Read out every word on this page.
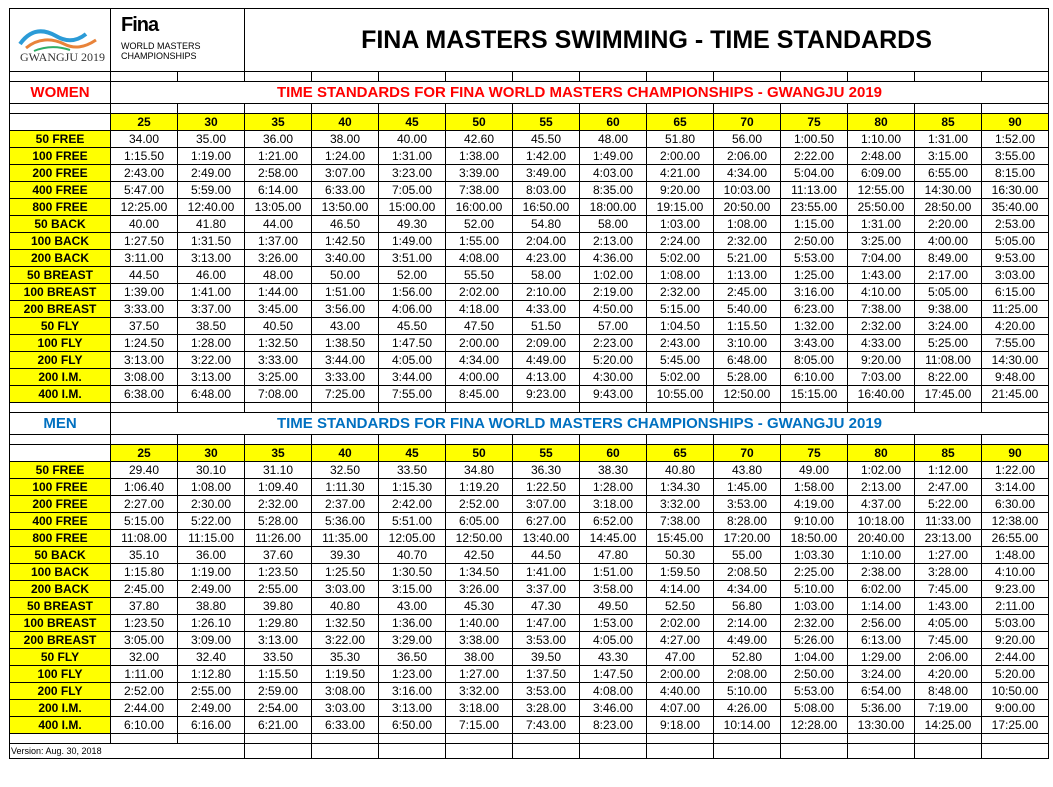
GWANGJU 2019	Fina
WORLD MASTERS
CHAMPIONSHIPS		FINA MASTERS SWIMMING - TIME STANDARDS											

WOMEN	TIME STANDARDS FOR FINA WORLD MASTERS CHAMPIONSHIPS - GWANGJU 2019													

	25	30	35	40	45	50	55	60	65	70	75	80	85	90
50 FREE	34.00	35.00	36.00	38.00	40.00	42.60	45.50	48.00	51.80	56.00	1:00.50	1:10.00	1:31.00	1:52.00
100 FREE	1:15.50	1:19.00	1:21.00	1:24.00	1:31.00	1:38.00	1:42.00	1:49.00	2:00.00	2:06.00	2:22.00	2:48.00	3:15.00	3:55.00
200 FREE	2:43.00	2:49.00	2:58.00	3:07.00	3:23.00	3:39.00	3:49.00	4:03.00	4:21.00	4:34.00	5:04.00	6:09.00	6:55.00	8:15.00
400 FREE	5:47.00	5:59.00	6:14.00	6:33.00	7:05.00	7:38.00	8:03.00	8:35.00	9:20.00	10:03.00	11:13.00	12:55.00	14:30.00	16:30.00
800 FREE	12:25.00	12:40.00	13:05.00	13:50.00	15:00.00	16:00.00	16:50.00	18:00.00	19:15.00	20:50.00	23:55.00	25:50.00	28:50.00	35:40.00
50 BACK	40.00	41.80	44.00	46.50	49.30	52.00	54.80	58.00	1:03.00	1:08.00	1:15.00	1:31.00	2:20.00	2:53.00
100 BACK	1:27.50	1:31.50	1:37.00	1:42.50	1:49.00	1:55.00	2:04.00	2:13.00	2:24.00	2:32.00	2:50.00	3:25.00	4:00.00	5:05.00
200 BACK	3:11.00	3:13.00	3:26.00	3:40.00	3:51.00	4:08.00	4:23.00	4:36.00	5:02.00	5:21.00	5:53.00	7:04.00	8:49.00	9:53.00
50 BREAST	44.50	46.00	48.00	50.00	52.00	55.50	58.00	1:02.00	1:08.00	1:13.00	1:25.00	1:43.00	2:17.00	3:03.00
100 BREAST	1:39.00	1:41.00	1:44.00	1:51.00	1:56.00	2:02.00	2:10.00	2:19.00	2:32.00	2:45.00	3:16.00	4:10.00	5:05.00	6:15.00
200 BREAST	3:33.00	3:37.00	3:45.00	3:56.00	4:06.00	4:18.00	4:33.00	4:50.00	5:15.00	5:40.00	6:23.00	7:38.00	9:38.00	11:25.00
50 FLY	37.50	38.50	40.50	43.00	45.50	47.50	51.50	57.00	1:04.50	1:15.50	1:32.00	2:32.00	3:24.00	4:20.00
100 FLY	1:24.50	1:28.00	1:32.50	1:38.50	1:47.50	2:00.00	2:09.00	2:23.00	2:43.00	3:10.00	3:43.00	4:33.00	5:25.00	7:55.00
200 FLY	3:13.00	3:22.00	3:33.00	3:44.00	4:05.00	4:34.00	4:49.00	5:20.00	5:45.00	6:48.00	8:05.00	9:20.00	11:08.00	14:30.00
200 I.M.	3:08.00	3:13.00	3:25.00	3:33.00	3:44.00	4:00.00	4:13.00	4:30.00	5:02.00	5:28.00	6:10.00	7:03.00	8:22.00	9:48.00
400 I.M.	6:38.00	6:48.00	7:08.00	7:25.00	7:55.00	8:45.00	9:23.00	9:43.00	10:55.00	12:50.00	15:15.00	16:40.00	17:45.00	21:45.00

MEN	TIME STANDARDS FOR FINA WORLD MASTERS CHAMPIONSHIPS - GWANGJU 2019													

	25	30	35	40	45	50	55	60	65	70	75	80	85	90
50 FREE	29.40	30.10	31.10	32.50	33.50	34.80	36.30	38.30	40.80	43.80	49.00	1:02.00	1:12.00	1:22.00
100 FREE	1:06.40	1:08.00	1:09.40	1:11.30	1:15.30	1:19.20	1:22.50	1:28.00	1:34.30	1:45.00	1:58.00	2:13.00	2:47.00	3:14.00
200 FREE	2:27.00	2:30.00	2:32.00	2:37.00	2:42.00	2:52.00	3:07.00	3:18.00	3:32.00	3:53.00	4:19.00	4:37.00	5:22.00	6:30.00
400 FREE	5:15.00	5:22.00	5:28.00	5:36.00	5:51.00	6:05.00	6:27.00	6:52.00	7:38.00	8:28.00	9:10.00	10:18.00	11:33.00	12:38.00
800 FREE	11:08.00	11:15.00	11:26.00	11:35.00	12:05.00	12:50.00	13:40.00	14:45.00	15:45.00	17:20.00	18:50.00	20:40.00	23:13.00	26:55.00
50 BACK	35.10	36.00	37.60	39.30	40.70	42.50	44.50	47.80	50.30	55.00	1:03.30	1:10.00	1:27.00	1:48.00
100 BACK	1:15.80	1:19.00	1:23.50	1:25.50	1:30.50	1:34.50	1:41.00	1:51.00	1:59.50	2:08.50	2:25.00	2:38.00	3:28.00	4:10.00
200 BACK	2:45.00	2:49.00	2:55.00	3:03.00	3:15.00	3:26.00	3:37.00	3:58.00	4:14.00	4:34.00	5:10.00	6:02.00	7:45.00	9:23.00
50 BREAST	37.80	38.80	39.80	40.80	43.00	45.30	47.30	49.50	52.50	56.80	1:03.00	1:14.00	1:43.00	2:11.00
100 BREAST	1:23.50	1:26.10	1:29.80	1:32.50	1:36.00	1:40.00	1:47.00	1:53.00	2:02.00	2:14.00	2:32.00	2:56.00	4:05.00	5:03.00
200 BREAST	3:05.00	3:09.00	3:13.00	3:22.00	3:29.00	3:38.00	3:53.00	4:05.00	4:27.00	4:49.00	5:26.00	6:13.00	7:45.00	9:20.00
50 FLY	32.00	32.40	33.50	35.30	36.50	38.00	39.50	43.30	47.00	52.80	1:04.00	1:29.00	2:06.00	2:44.00
100 FLY	1:11.00	1:12.80	1:15.50	1:19.50	1:23.00	1:27.00	1:37.50	1:47.50	2:00.00	2:08.00	2:50.00	3:24.00	4:20.00	5:20.00
200 FLY	2:52.00	2:55.00	2:59.00	3:08.00	3:16.00	3:32.00	3:53.00	4:08.00	4:40.00	5:10.00	5:53.00	6:54.00	8:48.00	10:50.00
200 I.M.	2:44.00	2:49.00	2:54.00	3:03.00	3:13.00	3:18.00	3:28.00	3:46.00	4:07.00	4:26.00	5:08.00	5:36.00	7:19.00	9:00.00
400 I.M.	6:10.00	6:16.00	6:21.00	6:33.00	6:50.00	7:15.00	7:43.00	8:23.00	9:18.00	10:14.00	12:28.00	13:30.00	14:25.00	17:25.00

Version: Aug. 30, 2018														
